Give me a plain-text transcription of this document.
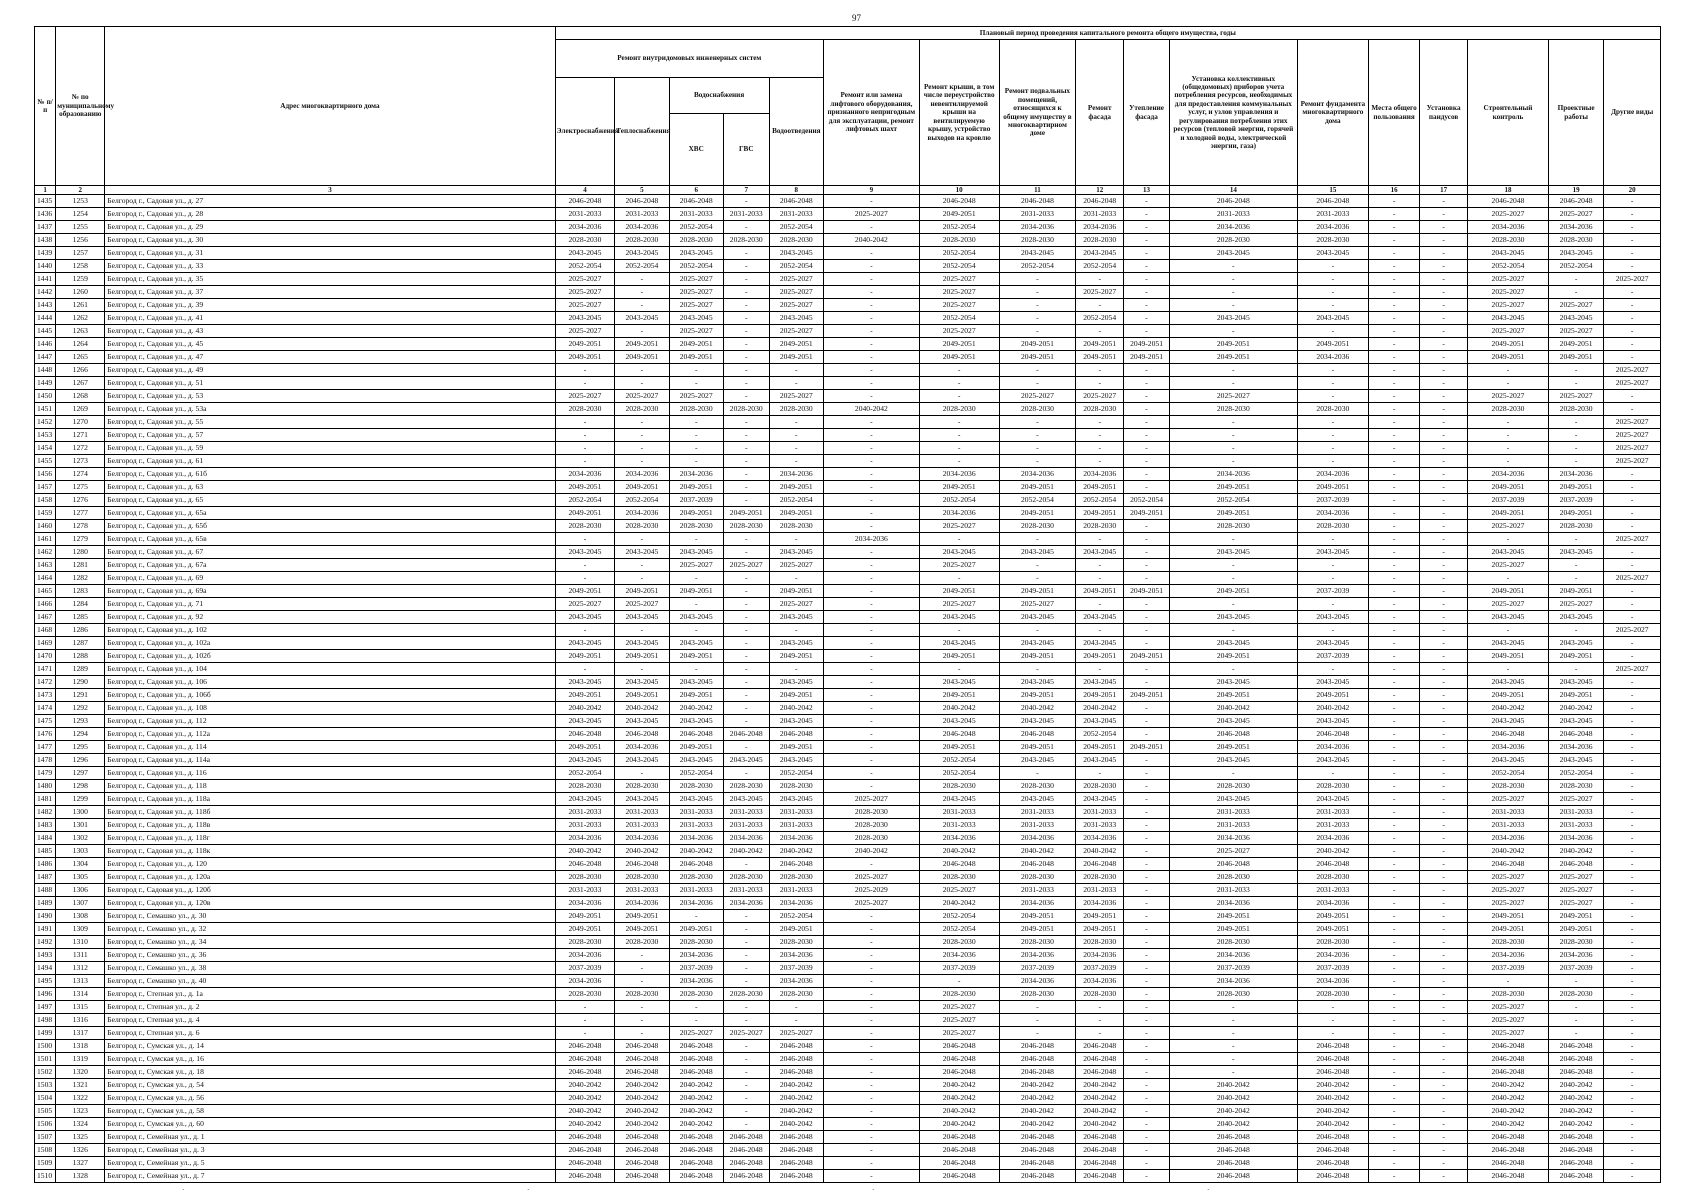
97
№ п/п	№ по муниципальному образованию	Адрес многоквартирного дома	Плановый период проведения капитального ремонта общего имущества, годы																
			Ремонт внутридомовых инженерных систем					Ремонт или замена лифтового оборудования, признанного непригодным для эксплуатации, ремонт лифтовых шахт	Ремонт крыши, в том числе переустройство невентилируемой крыши на вентилируемую крышу, устройство выходов на кровлю	Ремонт подвальных помещений, относящихся к общему имуществу в многоквартирном доме	Ремонт фасада	Утепление фасада	Установка коллективных (общедомовых) приборов учета потребления ресурсов, необходимых для предоставления коммунальных услуг, и узлов управления и регулирования потребления этих ресурсов (тепловой энергии, горячей и холодной воды, электрической энергии, газа)	Ремонт фундамента многоквартирного дома	Места общего пользования	Установка пандусов	Строительный контроль	Проектные работы	Другие виды
			Электроснабжения	Теплоснабжения	Водоснабжения		Водоотведения												
					ХВС	ГВС													
1	2	3	4	5	6	7	8	9	10	11	12	13	14	15	16	17	18	19	20
1435	1253	Белгород г., Садовая ул., д. 27	2046-2048	2046-2048	2046-2048	-	2046-2048	-	2046-2048	2046-2048	2046-2048	-	2046-2048	2046-2048	-	-	2046-2048	2046-2048	-
1436	1254	Белгород г., Садовая ул., д. 28	2031-2033	2031-2033	2031-2033	2031-2033	2031-2033	2025-2027	2049-2051	2031-2033	2031-2033	-	2031-2033	2031-2033	-	-	2025-2027	2025-2027	-
1437	1255	Белгород г., Садовая ул., д. 29	2034-2036	2034-2036	2052-2054	-	2052-2054	-	2052-2054	2034-2036	2034-2036	-	2034-2036	2034-2036	-	-	2034-2036	2034-2036	-
1438	1256	Белгород г., Садовая ул., д. 30	2028-2030	2028-2030	2028-2030	2028-2030	2028-2030	2040-2042	2028-2030	2028-2030	2028-2030	-	2028-2030	2028-2030	-	-	2028-2030	2028-2030	-
1439	1257	Белгород г., Садовая ул., д. 31	2043-2045	2043-2045	2043-2045	-	2043-2045	-	2052-2054	2043-2045	2043-2045	-	2043-2045	2043-2045	-	-	2043-2045	2043-2045	-
1440	1258	Белгород г., Садовая ул., д. 33	2052-2054	2052-2054	2052-2054	-	2052-2054	-	2052-2054	2052-2054	2052-2054	-	-	-	-	-	2052-2054	2052-2054	-
1441	1259	Белгород г., Садовая ул., д. 35	2025-2027	-	2025-2027	-	2025-2027	-	2025-2027	-	-	-	-	-	-	-	2025-2027	-	2025-2027
1442	1260	Белгород г., Садовая ул., д. 37	2025-2027	-	2025-2027	-	2025-2027	-	2025-2027	-	2025-2027	-	-	-	-	-	2025-2027	-	-
1443	1261	Белгород г., Садовая ул., д. 39	2025-2027	-	2025-2027	-	2025-2027	-	2025-2027	-	-	-	-	-	-	-	2025-2027	2025-2027	-
1444	1262	Белгород г., Садовая ул., д. 41	2043-2045	2043-2045	2043-2045	-	2043-2045	-	2052-2054	-	2052-2054	-	2043-2045	2043-2045	-	-	2043-2045	2043-2045	-
1445	1263	Белгород г., Садовая ул., д. 43	2025-2027	-	2025-2027	-	2025-2027	-	2025-2027	-	-	-	-	-	-	-	2025-2027	2025-2027	-
1446	1264	Белгород г., Садовая ул., д. 45	2049-2051	2049-2051	2049-2051	-	2049-2051	-	2049-2051	2049-2051	2049-2051	2049-2051	2049-2051	2049-2051	-	-	2049-2051	2049-2051	-
1447	1265	Белгород г., Садовая ул., д. 47	2049-2051	2049-2051	2049-2051	-	2049-2051	-	2049-2051	2049-2051	2049-2051	2049-2051	2049-2051	2034-2036	-	-	2049-2051	2049-2051	-
1448	1266	Белгород г., Садовая ул., д. 49	-	-	-	-	-	-	-	-	-	-	-	-	-	-	-	-	2025-2027
1449	1267	Белгород г., Садовая ул., д. 51	-	-	-	-	-	-	-	-	-	-	-	-	-	-	-	-	2025-2027
1450	1268	Белгород г., Садовая ул., д. 53	2025-2027	2025-2027	2025-2027	-	2025-2027	-	-	2025-2027	2025-2027	-	2025-2027	-	-	-	2025-2027	2025-2027	-
1451	1269	Белгород г., Садовая ул., д. 53а	2028-2030	2028-2030	2028-2030	2028-2030	2028-2030	2040-2042	2028-2030	2028-2030	2028-2030	-	2028-2030	2028-2030	-	-	2028-2030	2028-2030	-
1452	1270	Белгород г., Садовая ул., д. 55	-	-	-	-	-	-	-	-	-	-	-	-	-	-	-	-	2025-2027
1453	1271	Белгород г., Садовая ул., д. 57	-	-	-	-	-	-	-	-	-	-	-	-	-	-	-	-	2025-2027
1454	1272	Белгород г., Садовая ул., д. 59	-	-	-	-	-	-	-	-	-	-	-	-	-	-	-	-	2025-2027
1455	1273	Белгород г., Садовая ул., д. 61	-	-	-	-	-	-	-	-	-	-	-	-	-	-	-	-	2025-2027
1456	1274	Белгород г., Садовая ул., д. 61б	2034-2036	2034-2036	2034-2036	-	2034-2036	-	2034-2036	2034-2036	2034-2036	-	2034-2036	2034-2036	-	-	2034-2036	2034-2036	-
1457	1275	Белгород г., Садовая ул., д. 63	2049-2051	2049-2051	2049-2051	-	2049-2051	-	2049-2051	2049-2051	2049-2051	-	2049-2051	2049-2051	-	-	2049-2051	2049-2051	-
1458	1276	Белгород г., Садовая ул., д. 65	2052-2054	2052-2054	2037-2039	-	2052-2054	-	2052-2054	2052-2054	2052-2054	2052-2054	2052-2054	2037-2039	-	-	2037-2039	2037-2039	-
1459	1277	Белгород г., Садовая ул., д. 65а	2049-2051	2034-2036	2049-2051	2049-2051	2049-2051	-	2034-2036	2049-2051	2049-2051	2049-2051	2049-2051	2034-2036	-	-	2049-2051	2049-2051	-
1460	1278	Белгород г., Садовая ул., д. 65б	2028-2030	2028-2030	2028-2030	2028-2030	2028-2030	-	2025-2027	2028-2030	2028-2030	-	2028-2030	2028-2030	-	-	2025-2027	2028-2030	-
1461	1279	Белгород г., Садовая ул., д. 65в	-	-	-	-	-	2034-2036	-	-	-	-	-	-	-	-	-	-	2025-2027
1462	1280	Белгород г., Садовая ул., д. 67	2043-2045	2043-2045	2043-2045	-	2043-2045	-	2043-2045	2043-2045	2043-2045	-	2043-2045	2043-2045	-	-	2043-2045	2043-2045	-
1463	1281	Белгород г., Садовая ул., д. 67а	-	-	2025-2027	2025-2027	2025-2027	-	2025-2027	-	-	-	-	-	-	-	2025-2027	-	-
1464	1282	Белгород г., Садовая ул., д. 69	-	-	-	-	-	-	-	-	-	-	-	-	-	-	-	-	2025-2027
1465	1283	Белгород г., Садовая ул., д. 69а	2049-2051	2049-2051	2049-2051	-	2049-2051	-	2049-2051	2049-2051	2049-2051	2049-2051	2049-2051	2037-2039	-	-	2049-2051	2049-2051	-
1466	1284	Белгород г., Садовая ул., д. 71	2025-2027	2025-2027	-	-	2025-2027	-	2025-2027	2025-2027	-	-	-	-	-	-	2025-2027	2025-2027	-
1467	1285	Белгород г., Садовая ул., д. 92	2043-2045	2043-2045	2043-2045	-	2043-2045	-	2043-2045	2043-2045	2043-2045	-	2043-2045	2043-2045	-	-	2043-2045	2043-2045	-
1468	1286	Белгород г., Садовая ул., д. 102	-	-	-	-	-	-	-	-	-	-	-	-	-	-	-	-	2025-2027
1469	1287	Белгород г., Садовая ул., д. 102а	2043-2045	2043-2045	2043-2045	-	2043-2045	-	2043-2045	2043-2045	2043-2045	-	2043-2045	2043-2045	-	-	2043-2045	2043-2045	-
1470	1288	Белгород г., Садовая ул., д. 102б	2049-2051	2049-2051	2049-2051	-	2049-2051	-	2049-2051	2049-2051	2049-2051	2049-2051	2049-2051	2037-2039	-	-	2049-2051	2049-2051	-
1471	1289	Белгород г., Садовая ул., д. 104	-	-	-	-	-	-	-	-	-	-	-	-	-	-	-	-	2025-2027
1472	1290	Белгород г., Садовая ул., д. 106	2043-2045	2043-2045	2043-2045	-	2043-2045	-	2043-2045	2043-2045	2043-2045	-	2043-2045	2043-2045	-	-	2043-2045	2043-2045	-
1473	1291	Белгород г., Садовая ул., д. 106б	2049-2051	2049-2051	2049-2051	-	2049-2051	-	2049-2051	2049-2051	2049-2051	2049-2051	2049-2051	2049-2051	-	-	2049-2051	2049-2051	-
1474	1292	Белгород г., Садовая ул., д. 108	2040-2042	2040-2042	2040-2042	-	2040-2042	-	2040-2042	2040-2042	2040-2042	-	2040-2042	2040-2042	-	-	2040-2042	2040-2042	-
1475	1293	Белгород г., Садовая ул., д. 112	2043-2045	2043-2045	2043-2045	-	2043-2045	-	2043-2045	2043-2045	2043-2045	-	2043-2045	2043-2045	-	-	2043-2045	2043-2045	-
1476	1294	Белгород г., Садовая ул., д. 112а	2046-2048	2046-2048	2046-2048	2046-2048	2046-2048	-	2046-2048	2046-2048	2052-2054	-	2046-2048	2046-2048	-	-	2046-2048	2046-2048	-
1477	1295	Белгород г., Садовая ул., д. 114	2049-2051	2034-2036	2049-2051	-	2049-2051	-	2049-2051	2049-2051	2049-2051	2049-2051	2049-2051	2034-2036	-	-	2034-2036	2034-2036	-
1478	1296	Белгород г., Садовая ул., д. 114а	2043-2045	2043-2045	2043-2045	2043-2045	2043-2045	-	2052-2054	2043-2045	2043-2045	-	2043-2045	2043-2045	-	-	2043-2045	2043-2045	-
1479	1297	Белгород г., Садовая ул., д. 116	2052-2054	-	2052-2054	-	2052-2054	-	2052-2054	-	-	-	-	-	-	-	2052-2054	2052-2054	-
1480	1298	Белгород г., Садовая ул., д. 118	2028-2030	2028-2030	2028-2030	2028-2030	2028-2030	-	2028-2030	2028-2030	2028-2030	-	2028-2030	2028-2030	-	-	2028-2030	2028-2030	-
1481	1299	Белгород г., Садовая ул., д. 118а	2043-2045	2043-2045	2043-2045	2043-2045	2043-2045	2025-2027	2043-2045	2043-2045	2043-2045	-	2043-2045	2043-2045	-	-	2025-2027	2025-2027	-
1482	1300	Белгород г., Садовая ул., д. 118б	2031-2033	2031-2033	2031-2033	2031-2033	2031-2033	2028-2030	2031-2033	2031-2033	2031-2033	-	2031-2033	2031-2033	-	-	2031-2033	2031-2033	-
1483	1301	Белгород г., Садовая ул., д. 118в	2031-2033	2031-2033	2031-2033	2031-2033	2031-2033	2028-2030	2031-2033	2031-2033	2031-2033	-	2031-2033	2031-2033	-	-	2031-2033	2031-2033	-
1484	1302	Белгород г., Садовая ул., д. 118г	2034-2036	2034-2036	2034-2036	2034-2036	2034-2036	2028-2030	2034-2036	2034-2036	2034-2036	-	2034-2036	2034-2036	-	-	2034-2036	2034-2036	-
1485	1303	Белгород г., Садовая ул., д. 118к	2040-2042	2040-2042	2040-2042	2040-2042	2040-2042	2040-2042	2040-2042	2040-2042	2040-2042	-	2025-2027	2040-2042	-	-	2040-2042	2040-2042	-
1486	1304	Белгород г., Садовая ул., д. 120	2046-2048	2046-2048	2046-2048	-	2046-2048	-	2046-2048	2046-2048	2046-2048	-	2046-2048	2046-2048	-	-	2046-2048	2046-2048	-
1487	1305	Белгород г., Садовая ул., д. 120а	2028-2030	2028-2030	2028-2030	2028-2030	2028-2030	2025-2027	2028-2030	2028-2030	2028-2030	-	2028-2030	2028-2030	-	-	2025-2027	2025-2027	-
1488	1306	Белгород г., Садовая ул., д. 120б	2031-2033	2031-2033	2031-2033	2031-2033	2031-2033	2025-2029	2025-2027	2031-2033	2031-2033	-	2031-2033	2031-2033	-	-	2025-2027	2025-2027	-
1489	1307	Белгород г., Садовая ул., д. 120в	2034-2036	2034-2036	2034-2036	2034-2036	2034-2036	2025-2027	2040-2042	2034-2036	2034-2036	-	2034-2036	2034-2036	-	-	2025-2027	2025-2027	-
1490	1308	Белгород г., Семашко ул., д. 30	2049-2051	2049-2051	-	-	2052-2054	-	2052-2054	2049-2051	2049-2051	-	2049-2051	2049-2051	-	-	2049-2051	2049-2051	-
1491	1309	Белгород г., Семашко ул., д. 32	2049-2051	2049-2051	2049-2051	-	2049-2051	-	2052-2054	2049-2051	2049-2051	-	2049-2051	2049-2051	-	-	2049-2051	2049-2051	-
1492	1310	Белгород г., Семашко ул., д. 34	2028-2030	2028-2030	2028-2030	-	2028-2030	-	2028-2030	2028-2030	2028-2030	-	2028-2030	2028-2030	-	-	2028-2030	2028-2030	-
1493	1311	Белгород г., Семашко ул., д. 36	2034-2036	-	2034-2036	-	2034-2036	-	2034-2036	2034-2036	2034-2036	-	2034-2036	2034-2036	-	-	2034-2036	2034-2036	-
1494	1312	Белгород г., Семашко ул., д. 38	2037-2039	-	2037-2039	-	2037-2039	-	2037-2039	2037-2039	2037-2039	-	2037-2039	2037-2039	-	-	2037-2039	2037-2039	-
1495	1313	Белгород г., Семашко ул., д. 40	2034-2036	-	2034-2036	-	2034-2036	-	-	2034-2036	2034-2036	-	2034-2036	2034-2036	-	-	-	-	-
1496	1314	Белгород г., Степная ул., д. 1а	2028-2030	2028-2030	2028-2030	2028-2030	2028-2030	-	2028-2030	2028-2030	2028-2030	-	2028-2030	2028-2030	-	-	2028-2030	2028-2030	-
1497	1315	Белгород г., Степная ул., д. 2	-	-	-	-	-	-	2025-2027	-	-	-	-	-	-	-	2025-2027	-	-
1498	1316	Белгород г., Степная ул., д. 4	-	-	-	-	-	-	2025-2027	-	-	-	-	-	-	-	2025-2027	-	-
1499	1317	Белгород г., Степная ул., д. 6	-	-	2025-2027	2025-2027	2025-2027	-	2025-2027	-	-	-	-	-	-	-	2025-2027	-	-
1500	1318	Белгород г., Сумская ул., д. 14	2046-2048	2046-2048	2046-2048	-	2046-2048	-	2046-2048	2046-2048	2046-2048	-	-	2046-2048	-	-	2046-2048	2046-2048	-
1501	1319	Белгород г., Сумская ул., д. 16	2046-2048	2046-2048	2046-2048	-	2046-2048	-	2046-2048	2046-2048	2046-2048	-	-	2046-2048	-	-	2046-2048	2046-2048	-
1502	1320	Белгород г., Сумская ул., д. 18	2046-2048	2046-2048	2046-2048	-	2046-2048	-	2046-2048	2046-2048	2046-2048	-	-	2046-2048	-	-	2046-2048	2046-2048	-
1503	1321	Белгород г., Сумская ул., д. 54	2040-2042	2040-2042	2040-2042	-	2040-2042	-	2040-2042	2040-2042	2040-2042	-	2040-2042	2040-2042	-	-	2040-2042	2040-2042	-
1504	1322	Белгород г., Сумская ул., д. 56	2040-2042	2040-2042	2040-2042	-	2040-2042	-	2040-2042	2040-2042	2040-2042	-	2040-2042	2040-2042	-	-	2040-2042	2040-2042	-
1505	1323	Белгород г., Сумская ул., д. 58	2040-2042	2040-2042	2040-2042	-	2040-2042	-	2040-2042	2040-2042	2040-2042	-	2040-2042	2040-2042	-	-	2040-2042	2040-2042	-
1506	1324	Белгород г., Сумская ул., д. 60	2040-2042	2040-2042	2040-2042	-	2040-2042	-	2040-2042	2040-2042	2040-2042	-	2040-2042	2040-2042	-	-	2040-2042	2040-2042	-
1507	1325	Белгород г., Семейная ул., д. 1	2046-2048	2046-2048	2046-2048	2046-2048	2046-2048	-	2046-2048	2046-2048	2046-2048	-	2046-2048	2046-2048	-	-	2046-2048	2046-2048	-
1508	1326	Белгород г., Семейная ул., д. 3	2046-2048	2046-2048	2046-2048	2046-2048	2046-2048	-	2046-2048	2046-2048	2046-2048	-	2046-2048	2046-2048	-	-	2046-2048	2046-2048	-
1509	1327	Белгород г., Семейная ул., д. 5	2046-2048	2046-2048	2046-2048	2046-2048	2046-2048	-	2046-2048	2046-2048	2046-2048	-	2046-2048	2046-2048	-	-	2046-2048	2046-2048	-
1510	1328	Белгород г., Семейная ул., д. 7	2046-2048	2046-2048	2046-2048	2046-2048	2046-2048	-	2046-2048	2046-2048	2046-2048	-	2046-2048	2046-2048	-	-	2046-2048	2046-2048	-
·	·	·	·
